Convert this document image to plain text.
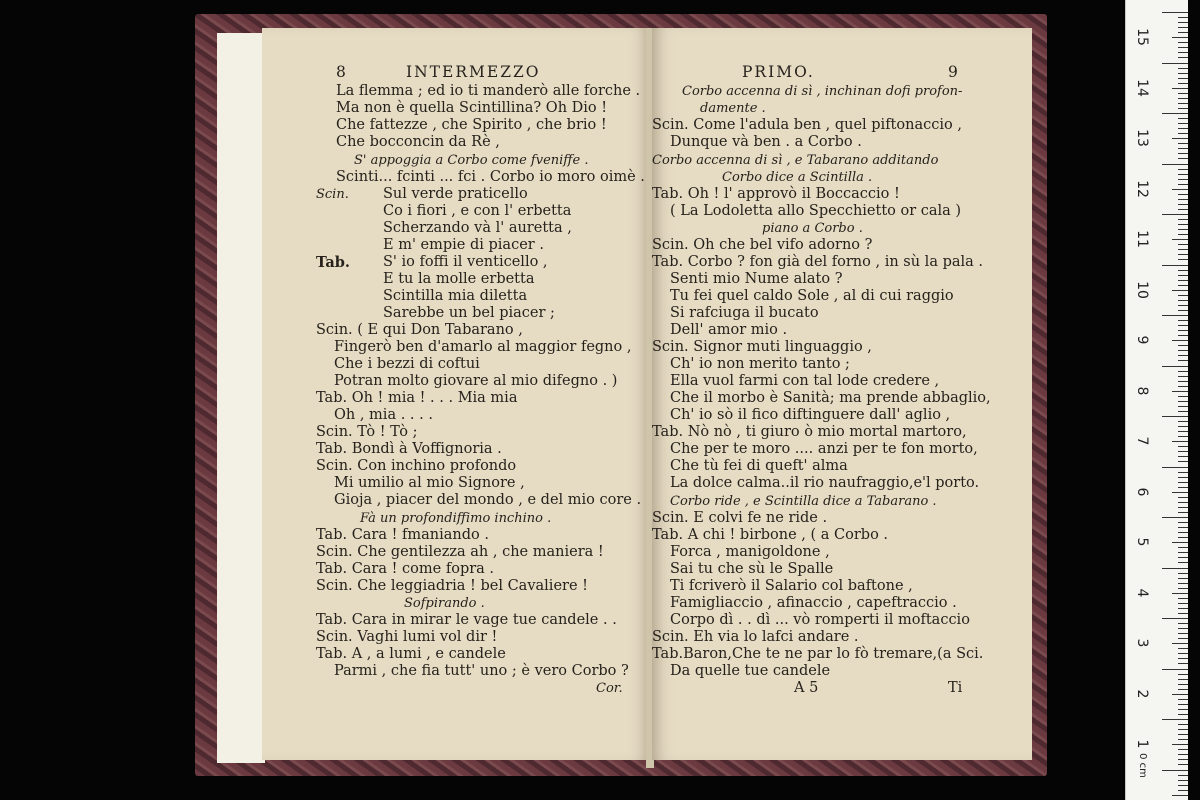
8	INTERMEZZO
La flemma ; ed io ti manderò alle forche .
Ma non è quella Scintillina? Oh Dio !
Che fattezze , che Spirito , che brio !
Che bocconcin da Rè ,
S' appoggia a Corbo come fveniffe .
Scinti... fcinti ... fci . Corbo io moro oimè .
Scin. Sul verde praticello
Co i fiori , e con l' erbetta
Scherzando và l' auretta ,
E m' empie di piacer .
Tab. S' io foffi il venticello ,
E tu la molle erbetta
Scintilla mia diletta
Sarebbe un bel piacer ;
Scin. ( E qui Don Tabarano ,
Fingerò ben d'amarlo al maggior fegno ,
Che i bezzi di coftui
Potran molto giovare al mio difegno . )
Tab. Oh ! mia ! . . . Mia mia
Oh , mia . . . .
Scin. Tò ! Tò ;
Tab. Bondì à Voffignoria .
Scin. Con inchino profondo
Mi umilio al mio Signore ,
Gioja , piacer del mondo , e del mio core .
Fà un profondiffimo inchino .
Tab. Cara ! fmaniando .
Scin. Che gentilezza ah , che maniera !
Tab. Cara ! come fopra .
Scin. Che leggiadria ! bel Cavaliere !
Sofpirando .
Tab. Cara in mirar le vage tue candele . .
Scin. Vaghi lumi vol dir !
Tab. A , a lumi , e candele
Parmi , che fia tutt' uno ; è vero Corbo ?
Cor.
PRIMO.	9
Corbo accenna di sì , inchinan dofi profon-
damente .
Scin. Come l'adula ben , quel piftonaccio ,
Dunque và ben . a Corbo .
Corbo accenna di sì , e Tabarano additando
Corbo dice a Scintilla .
Tab. Oh ! l' approvò il Boccaccio !
( La Lodoletta allo Specchietto or cala )
piano a Corbo .
Scin. Oh che bel vifo adorno ?
Tab. Corbo ? fon già del forno , in sù la pala .
Senti mio Nume alato ?
Tu fei quel caldo Sole , al di cui raggio
Si rafciuga il bucato
Dell' amor mio .
Scin. Signor muti linguaggio ,
Ch' io non merito tanto ;
Ella vuol farmi con tal lode credere ,
Che il morbo è Sanità; ma prende abbaglio,
Ch' io sò il fico diftinguere dall' aglio ,
Tab. Nò nò , ti giuro ò mio mortal martoro,
Che per te moro .... anzi per te fon morto,
Che tù fei di queft' alma
La dolce calma..il rio naufraggio,e'l porto.
Corbo ride , e Scintilla dice a Tabarano .
Scin. E colvi fe ne ride .
Tab. A chi ! birbone , ( a Corbo .
Forca , manigoldone ,
Sai tu che sù le Spalle
Ti fcriverò il Salario col baftone ,
Famigliaccio , afinaccio , capeftraccio .
Corpo dì . . dì ... vò romperti il moftaccio
Scin. Eh via lo lafci andare .
Tab.Baron,Che te ne par lo fò tremare,(a Sci.
Da quelle tue candele
A 5	Ti
0 cm
15
14
13
12
11
10
9
8
7
6
5
4
3
2
1
